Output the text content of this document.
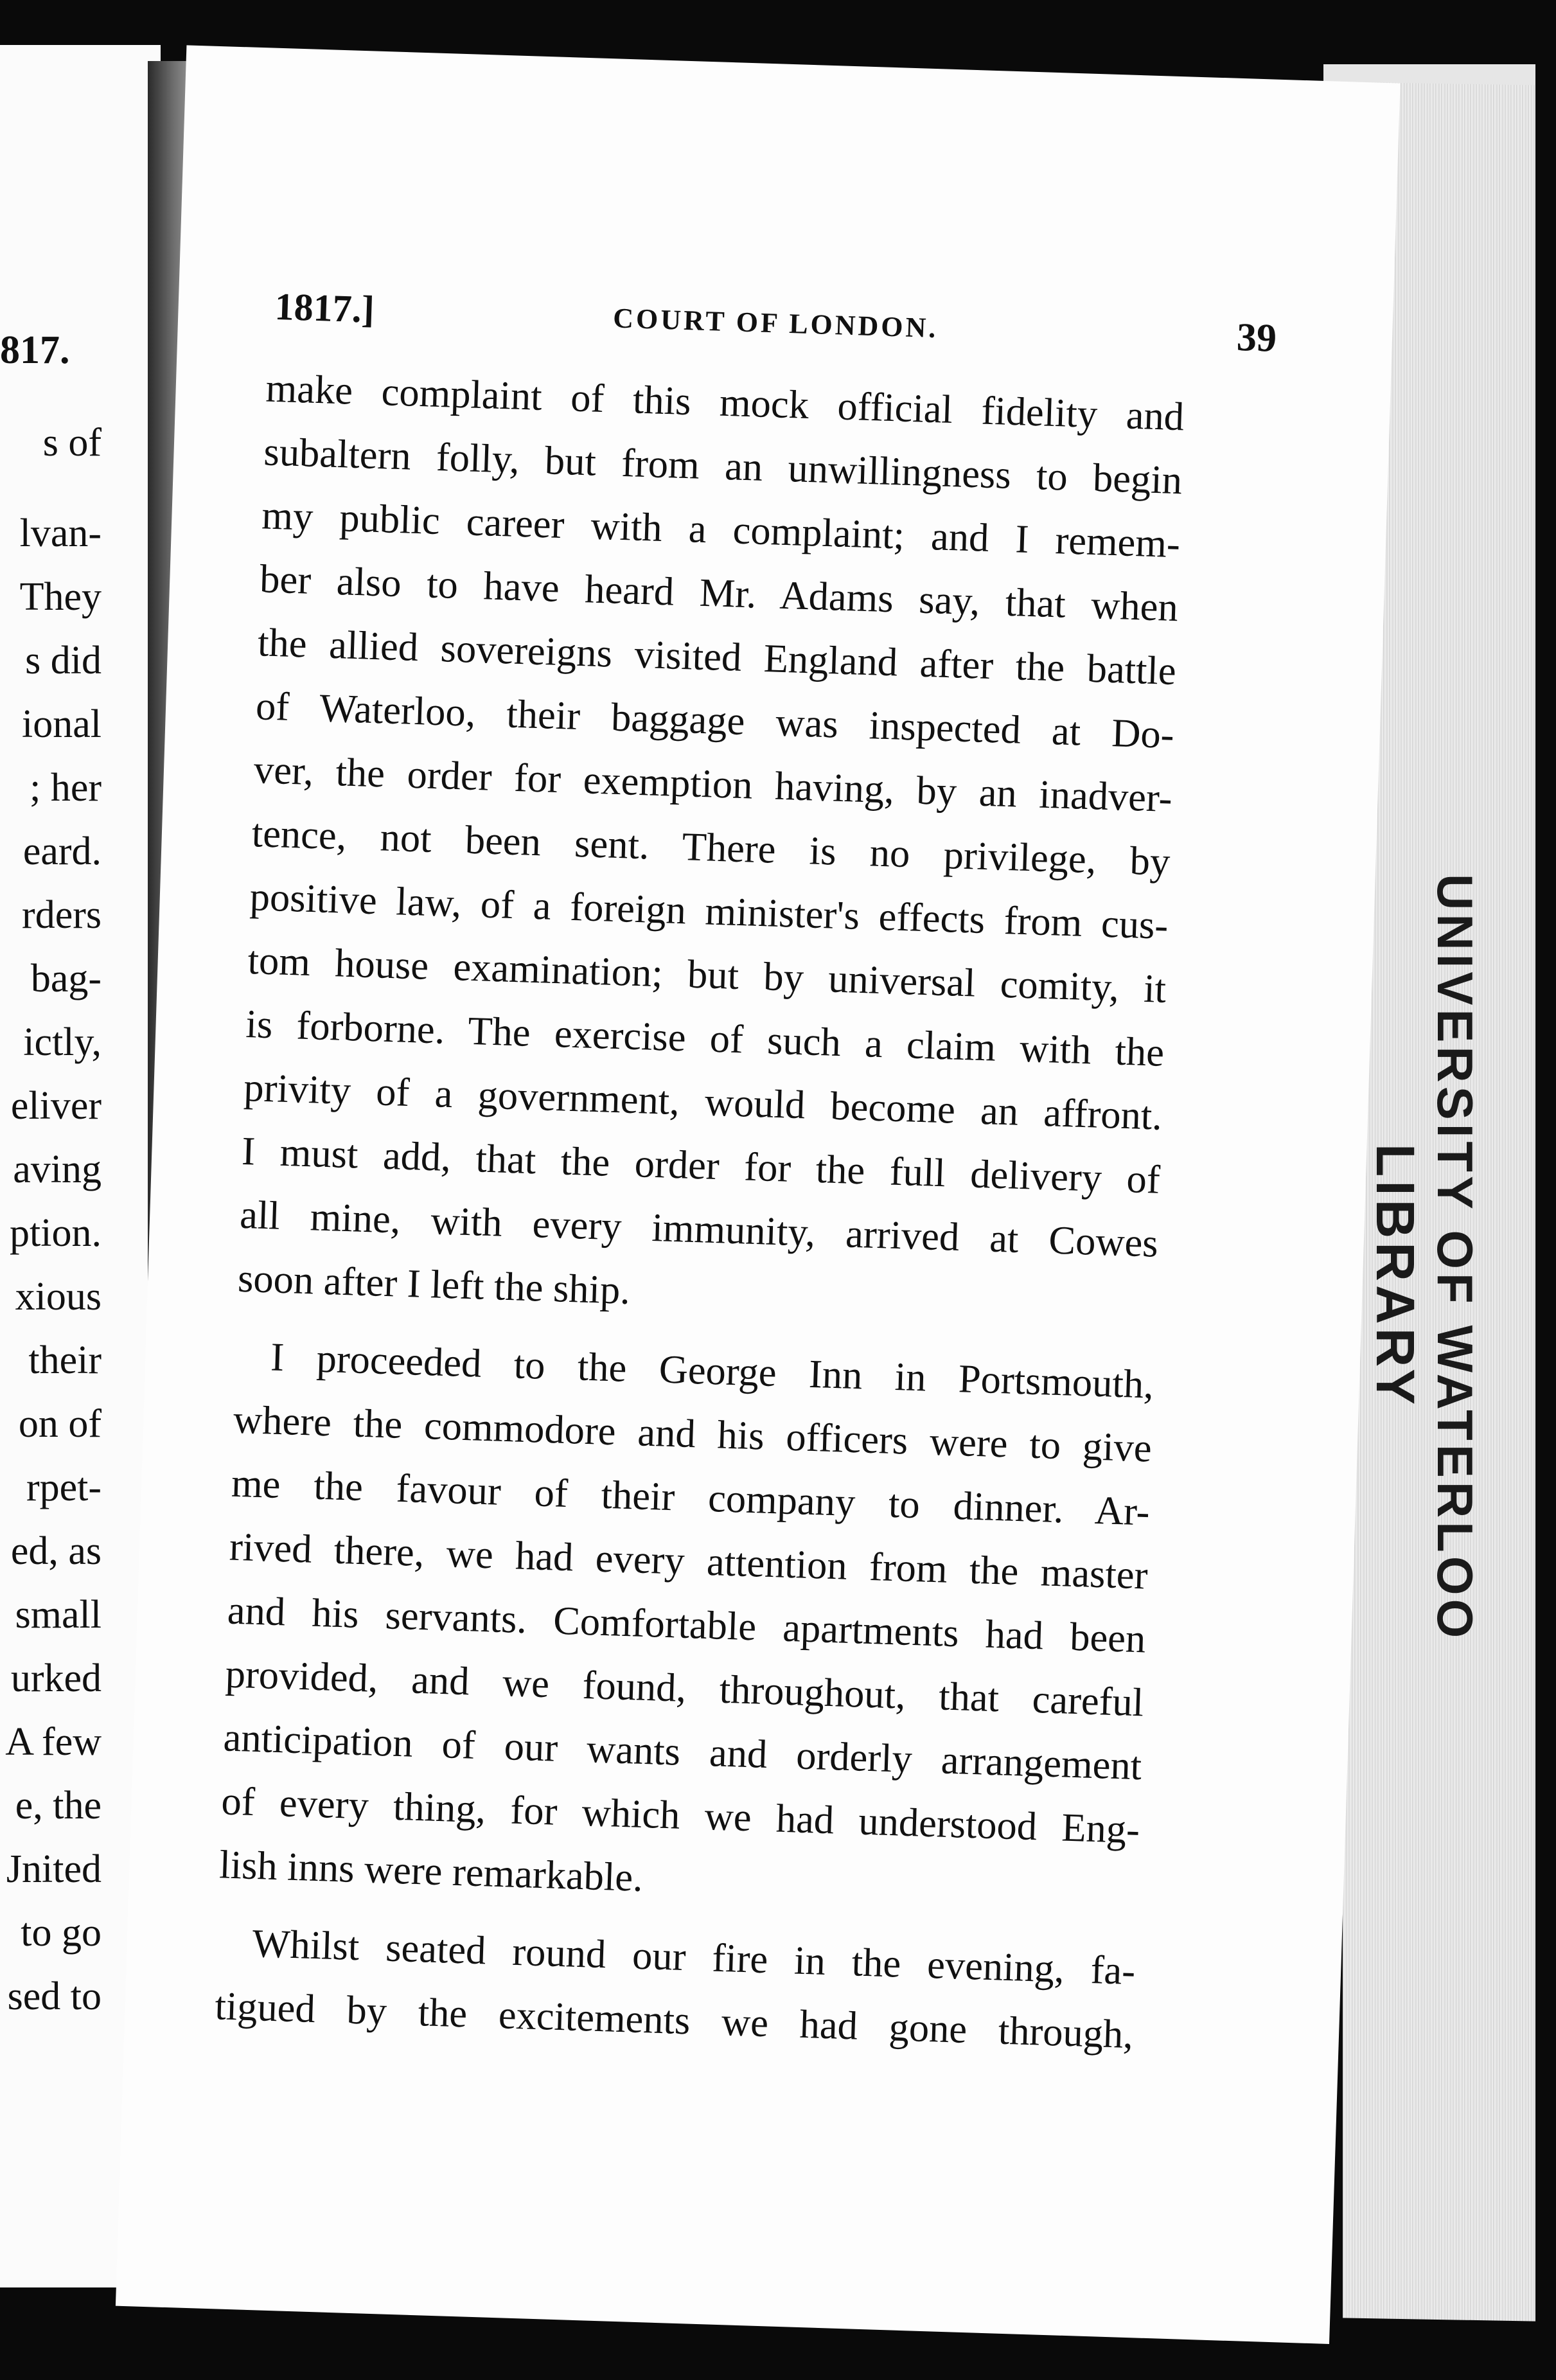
817.
s of
lvan-
They
s did
ional
; her
eard.
rders
bag-
ictly,
eliver
aving
ption.
xious
their
on of
rpet-
ed, as
small
urked
A few
e, the
Jnited
to go
sed to
UNIVERSITY OF WATERLOO
LIBRARY
1817.]	COURT OF LONDON.	39

make complaint of this mock official fidelity and
subaltern folly, but from an unwillingness to begin
my public career with a complaint; and I remem-
ber also to have heard Mr. Adams say, that when
the allied sovereigns visited England after the battle
of Waterloo, their baggage was inspected at Do-
ver, the order for exemption having, by an inadver-
tence, not been sent. There is no privilege, by
positive law, of a foreign minister's effects from cus-
tom house examination; but by universal comity, it
is forborne. The exercise of such a claim with the
privity of a government, would become an affront.
I must add, that the order for the full delivery of
all mine, with every immunity, arrived at Cowes
soon after I left the ship.

I proceeded to the George Inn in Portsmouth,
where the commodore and his officers were to give
me the favour of their company to dinner. Ar-
rived there, we had every attention from the master
and his servants. Comfortable apartments had been
provided, and we found, throughout, that careful
anticipation of our wants and orderly arrangement
of every thing, for which we had understood Eng-
lish inns were remarkable.

Whilst seated round our fire in the evening, fa-
tigued by the excitements we had gone through,
